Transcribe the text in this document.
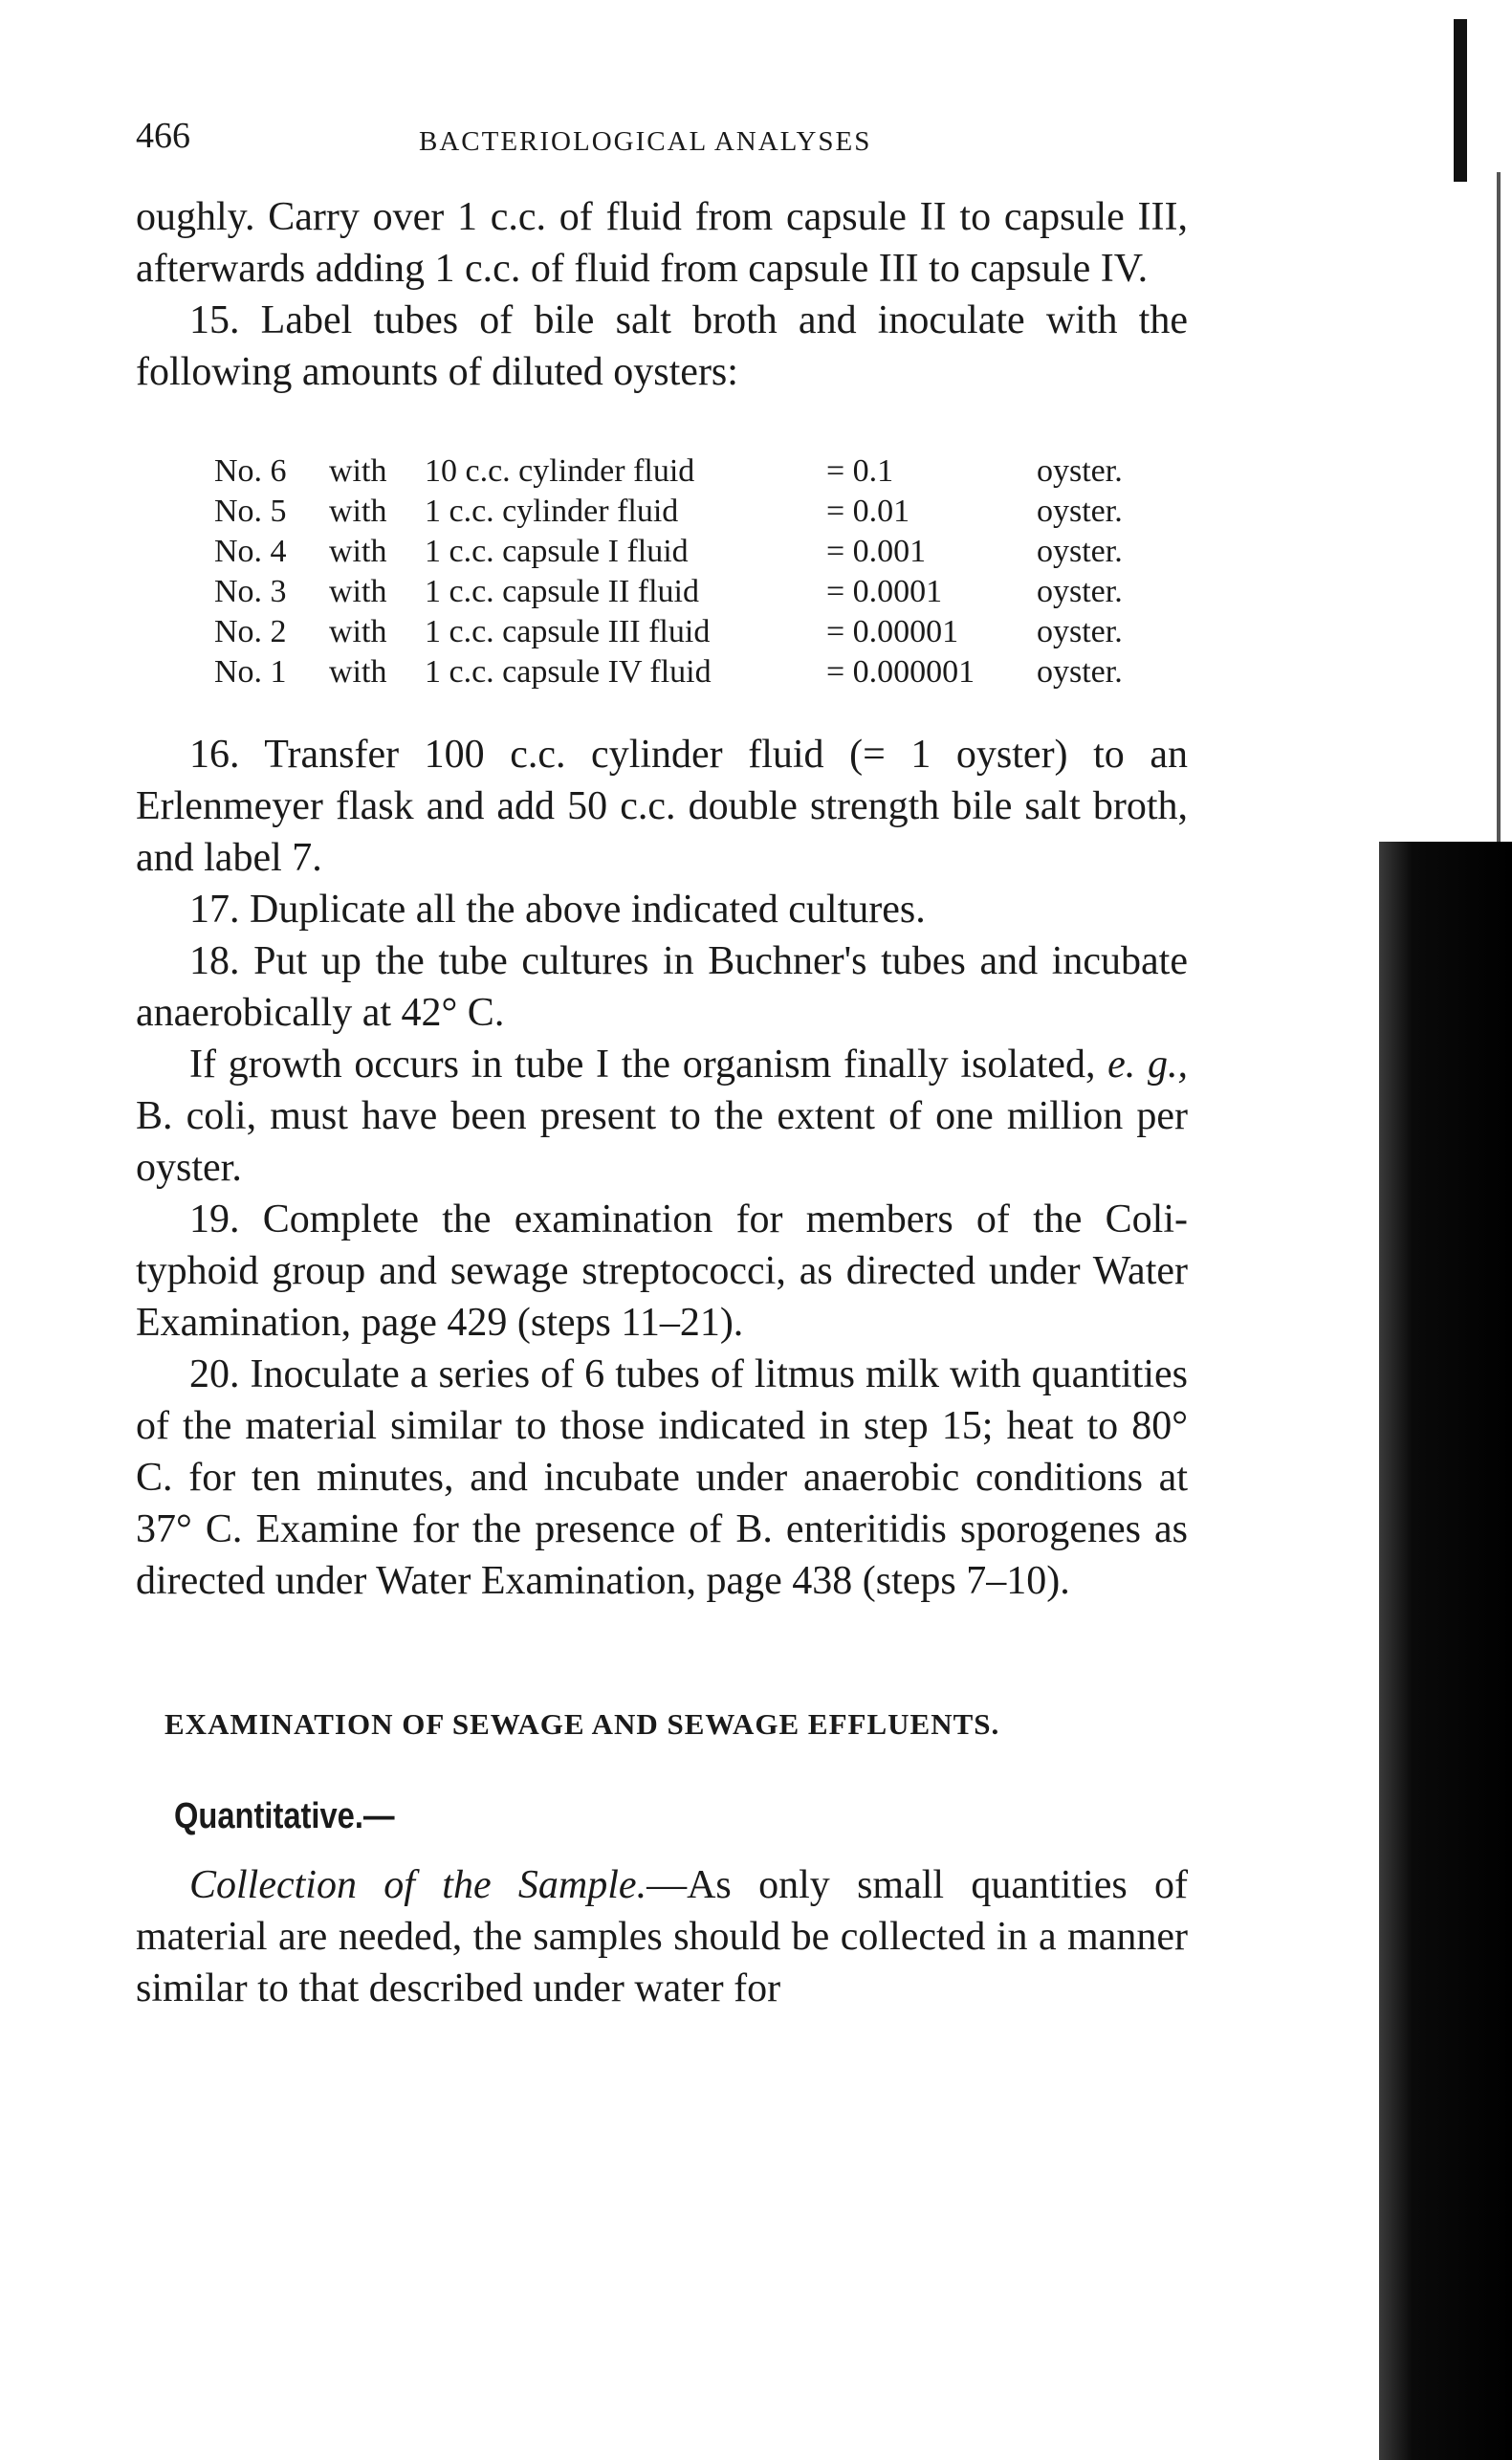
466	BACTERIOLOGICAL ANALYSES

oughly. Carry over 1 c.c. of fluid from capsule II to capsule III, afterwards adding 1 c.c. of fluid from capsule III to capsule IV.

15. Label tubes of bile salt broth and inoculate with the following amounts of diluted oysters:

No. 6	with	10 c.c. cylinder fluid	= 0.1	oyster.
No. 5	with	1 c.c. cylinder fluid	= 0.01	oyster.
No. 4	with	1 c.c. capsule I fluid	= 0.001	oyster.
No. 3	with	1 c.c. capsule II fluid	= 0.0001	oyster.
No. 2	with	1 c.c. capsule III fluid	= 0.00001	oyster.
No. 1	with	1 c.c. capsule IV fluid	= 0.000001	oyster.

16. Transfer 100 c.c. cylinder fluid (= 1 oyster) to an Erlenmeyer flask and add 50 c.c. double strength bile salt broth, and label 7.

17. Duplicate all the above indicated cultures.

18. Put up the tube cultures in Buchner's tubes and incubate anaerobically at 42° C.

If growth occurs in tube I the organism finally isolated, e. g., B. coli, must have been present to the extent of one million per oyster.

19. Complete the examination for members of the Coli-typhoid group and sewage streptococci, as directed under Water Examination, page 429 (steps 11–21).

20. Inoculate a series of 6 tubes of litmus milk with quantities of the material similar to those indicated in step 15; heat to 80° C. for ten minutes, and incubate under anaerobic conditions at 37° C. Examine for the presence of B. enteritidis sporogenes as directed under Water Examination, page 438 (steps 7–10).

EXAMINATION OF SEWAGE AND SEWAGE EFFLUENTS.
Quantitative.—

Collection of the Sample.—As only small quantities of material are needed, the samples should be collected in a manner similar to that described under water for
